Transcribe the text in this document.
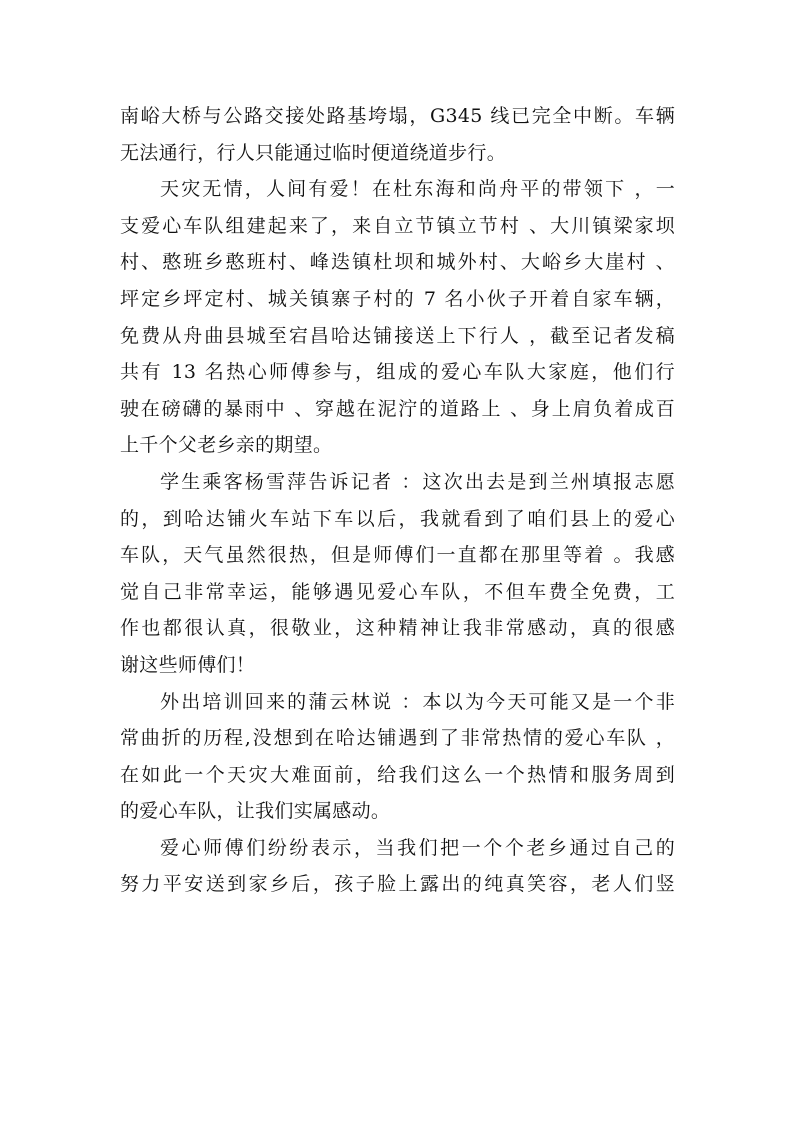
南峪大桥与公路交接处路基垮塌，G345 线已完全中断。车辆
无法通行，行人只能通过临时便道绕道步行。
天灾无情，人间有爱！在杜东海和尚舟平的带领下 ，一
支爱心车队组建起来了，来自立节镇立节村 、大川镇梁家坝
村、憨班乡憨班村、峰迭镇杜坝和城外村、大峪乡大崖村 、
坪定乡坪定村、城关镇寨子村的 7 名小伙子开着自家车辆，
免费从舟曲县城至宕昌哈达铺接送上下行人 ，截至记者发稿
共有 13 名热心师傅参与，组成的爱心车队大家庭，他们行
驶在磅礴的暴雨中 、穿越在泥泞的道路上 、身上肩负着成百
上千个父老乡亲的期望。
学生乘客杨雪萍告诉记者 ：这次出去是到兰州填报志愿
的，到哈达铺火车站下车以后，我就看到了咱们县上的爱心
车队，天气虽然很热，但是师傅们一直都在那里等着 。我感
觉自己非常幸运，能够遇见爱心车队，不但车费全免费，工
作也都很认真，很敬业，这种精神让我非常感动，真的很感
谢这些师傅们！
外出培训回来的蒲云林说 ：本以为今天可能又是一个非
常曲折的历程,没想到在哈达铺遇到了非常热情的爱心车队 ，
在如此一个天灾大难面前，给我们这么一个热情和服务周到
的爱心车队，让我们实属感动。
爱心师傅们纷纷表示，当我们把一个个老乡通过自己的
努力平安送到家乡后，孩子脸上露出的纯真笑容，老人们竖
